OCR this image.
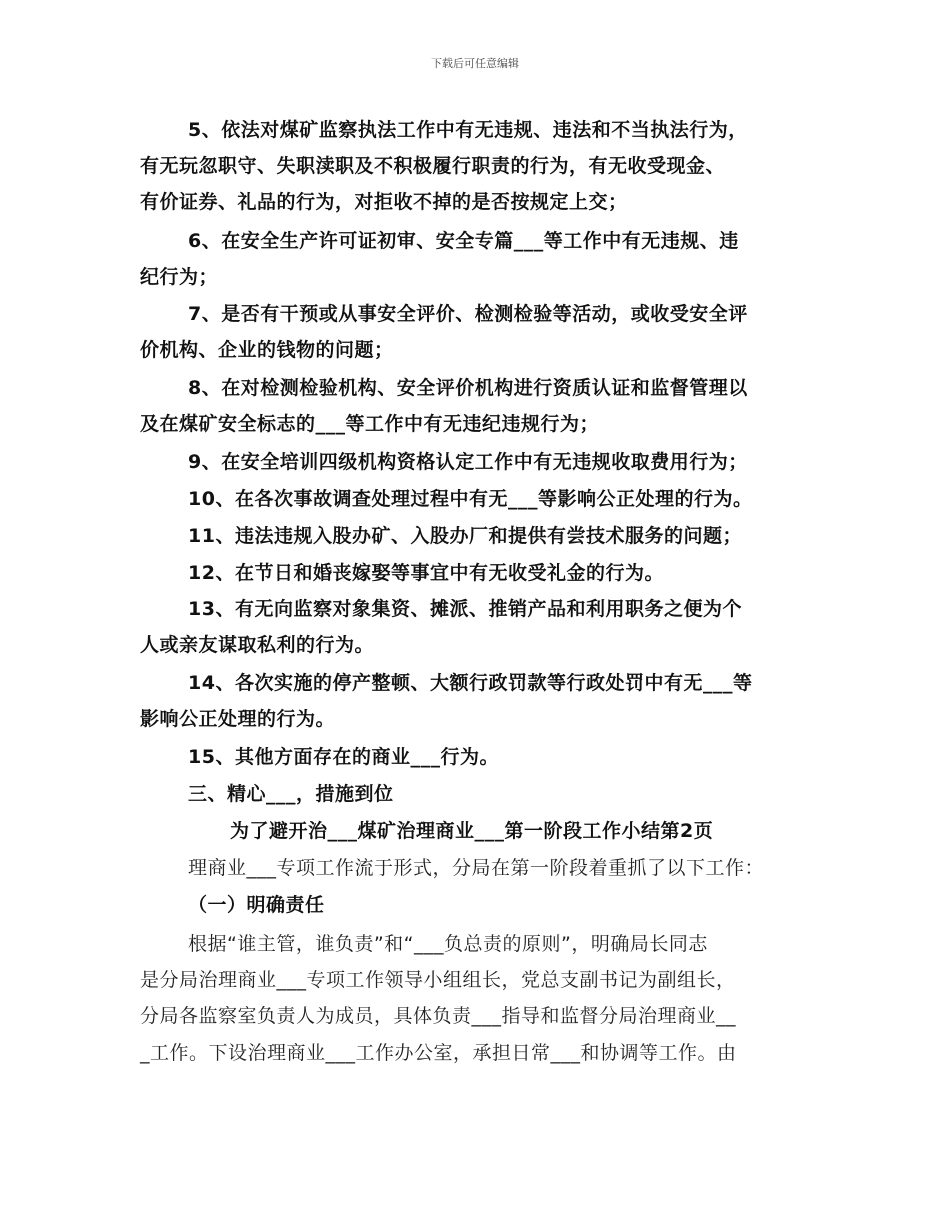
下载后可任意编辑
5、依法对煤矿监察执法工作中有无违规、违法和不当执法行为，
有无玩忽职守、失职渎职及不积极履行职责的行为，有无收受现金、
有价证券、礼品的行为，对拒收不掉的是否按规定上交；
6、在安全生产许可证初审、安全专篇___等工作中有无违规、违
纪行为；
7、是否有干预或从事安全评价、检测检验等活动，或收受安全评
价机构、企业的钱物的问题；
8、在对检测检验机构、安全评价机构进行资质认证和监督管理以
及在煤矿安全标志的___等工作中有无违纪违规行为；
9、在安全培训四级机构资格认定工作中有无违规收取费用行为；
10、在各次事故调查处理过程中有无___等影响公正处理的行为。
11、违法违规入股办矿、入股办厂和提供有尝技术服务的问题；
12、在节日和婚丧嫁娶等事宜中有无收受礼金的行为。
13、有无向监察对象集资、摊派、推销产品和利用职务之便为个
人或亲友谋取私利的行为。
14、各次实施的停产整顿、大额行政罚款等行政处罚中有无___等
影响公正处理的行为。
15、其他方面存在的商业___行为。
三、精心___，措施到位
为了避开治___煤矿治理商业___第一阶段工作小结第2页
理商业___专项工作流于形式，分局在第一阶段着重抓了以下工作：
（一）明确责任
根据“谁主管，谁负责”和“___负总责的原则”，明确局长同志
是分局治理商业___专项工作领导小组组长，党总支副书记为副组长，
分局各监察室负责人为成员，具体负责___指导和监督分局治理商业__
_工作。下设治理商业___工作办公室，承担日常___和协调等工作。由
